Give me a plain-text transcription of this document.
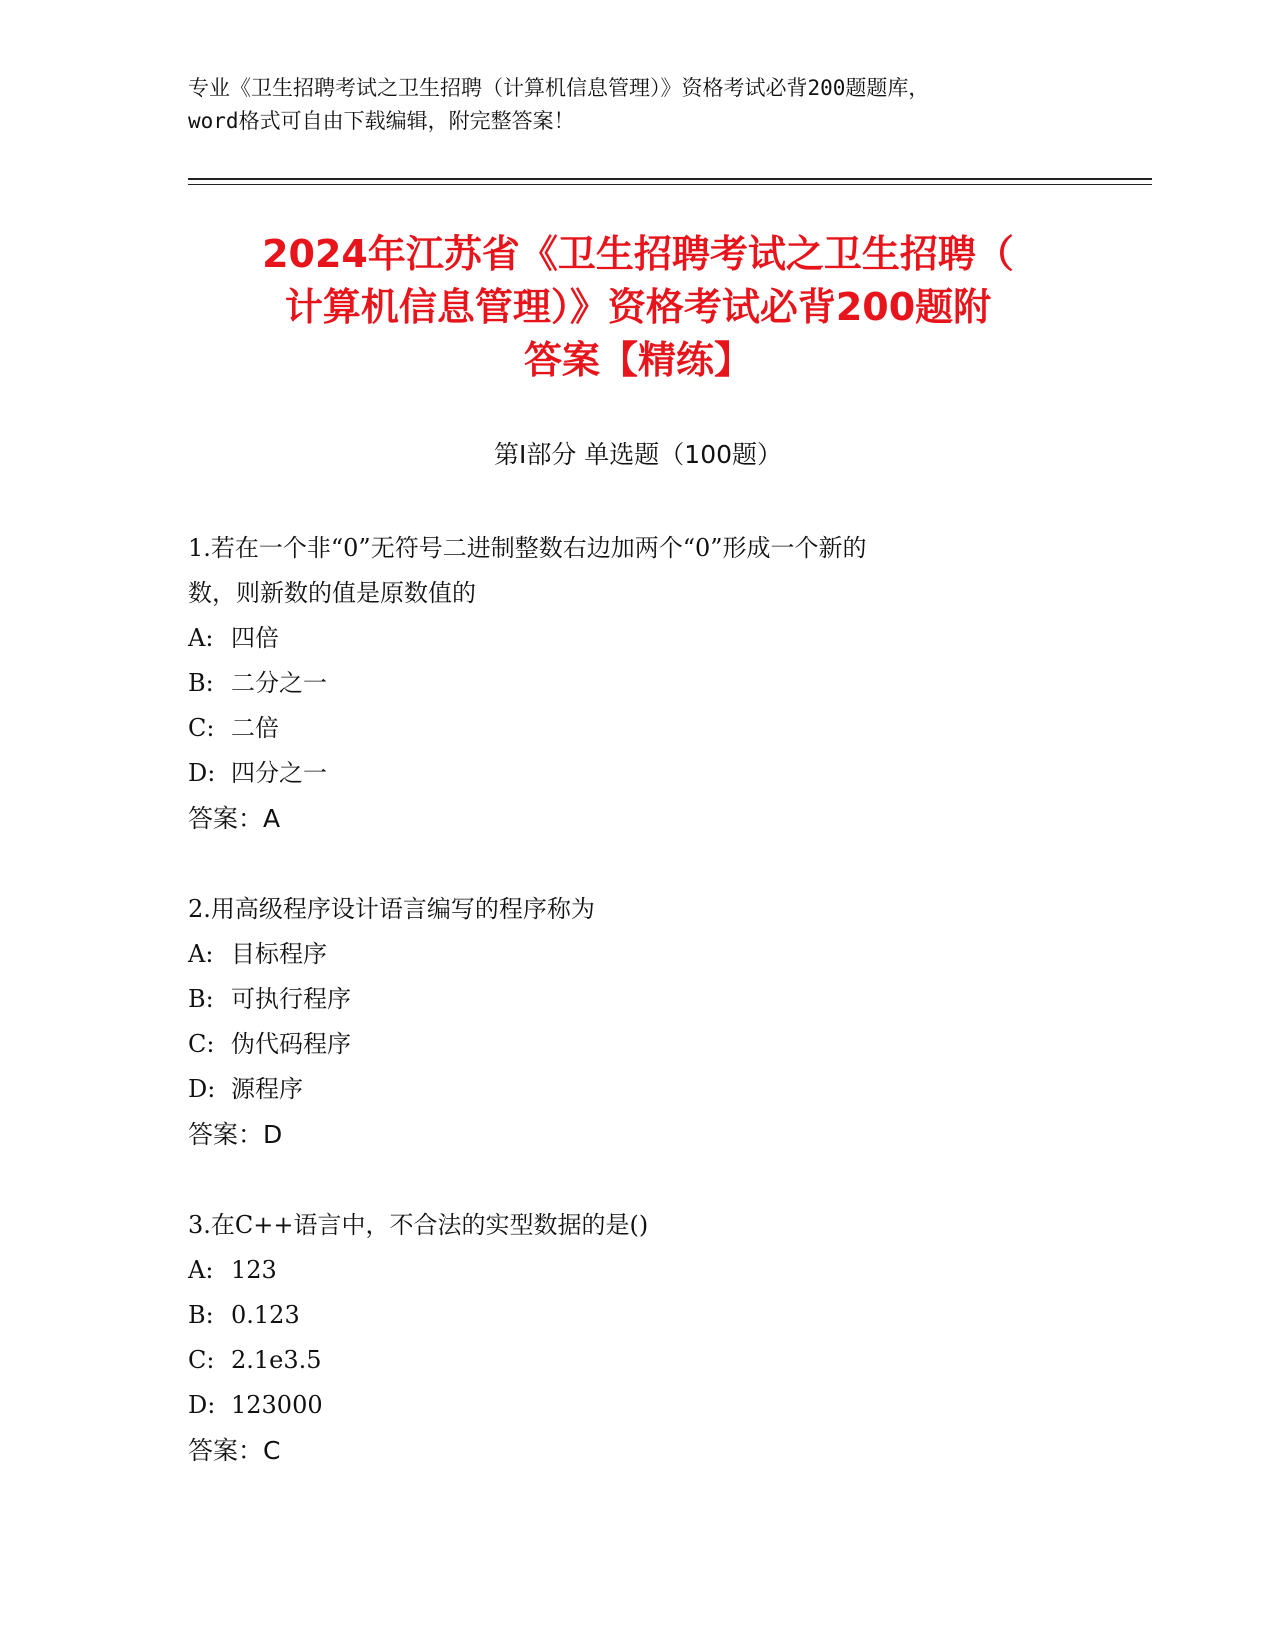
专业《卫生招聘考试之卫生招聘（计算机信息管理）》资格考试必背200题题库，
word格式可自由下载编辑，附完整答案！
2024年江苏省《卫生招聘考试之卫生招聘（
计算机信息管理）》资格考试必背200题附
答案【精练】
第Ⅰ部分 单选题（100题）

1.若在一个非“0”无符号二进制整数右边加两个“0”形成一个新的

数，则新数的值是原数值的

A: 四倍

B: 二分之一

C: 二倍

D: 四分之一

答案：A

2.用高级程序设计语言编写的程序称为

A: 目标程序

B: 可执行程序

C: 伪代码程序

D: 源程序

答案：D

3.在C++语言中，不合法的实型数据的是()

A: 123

B: 0.123

C: 2.1e3.5

D: 123000

答案：C
